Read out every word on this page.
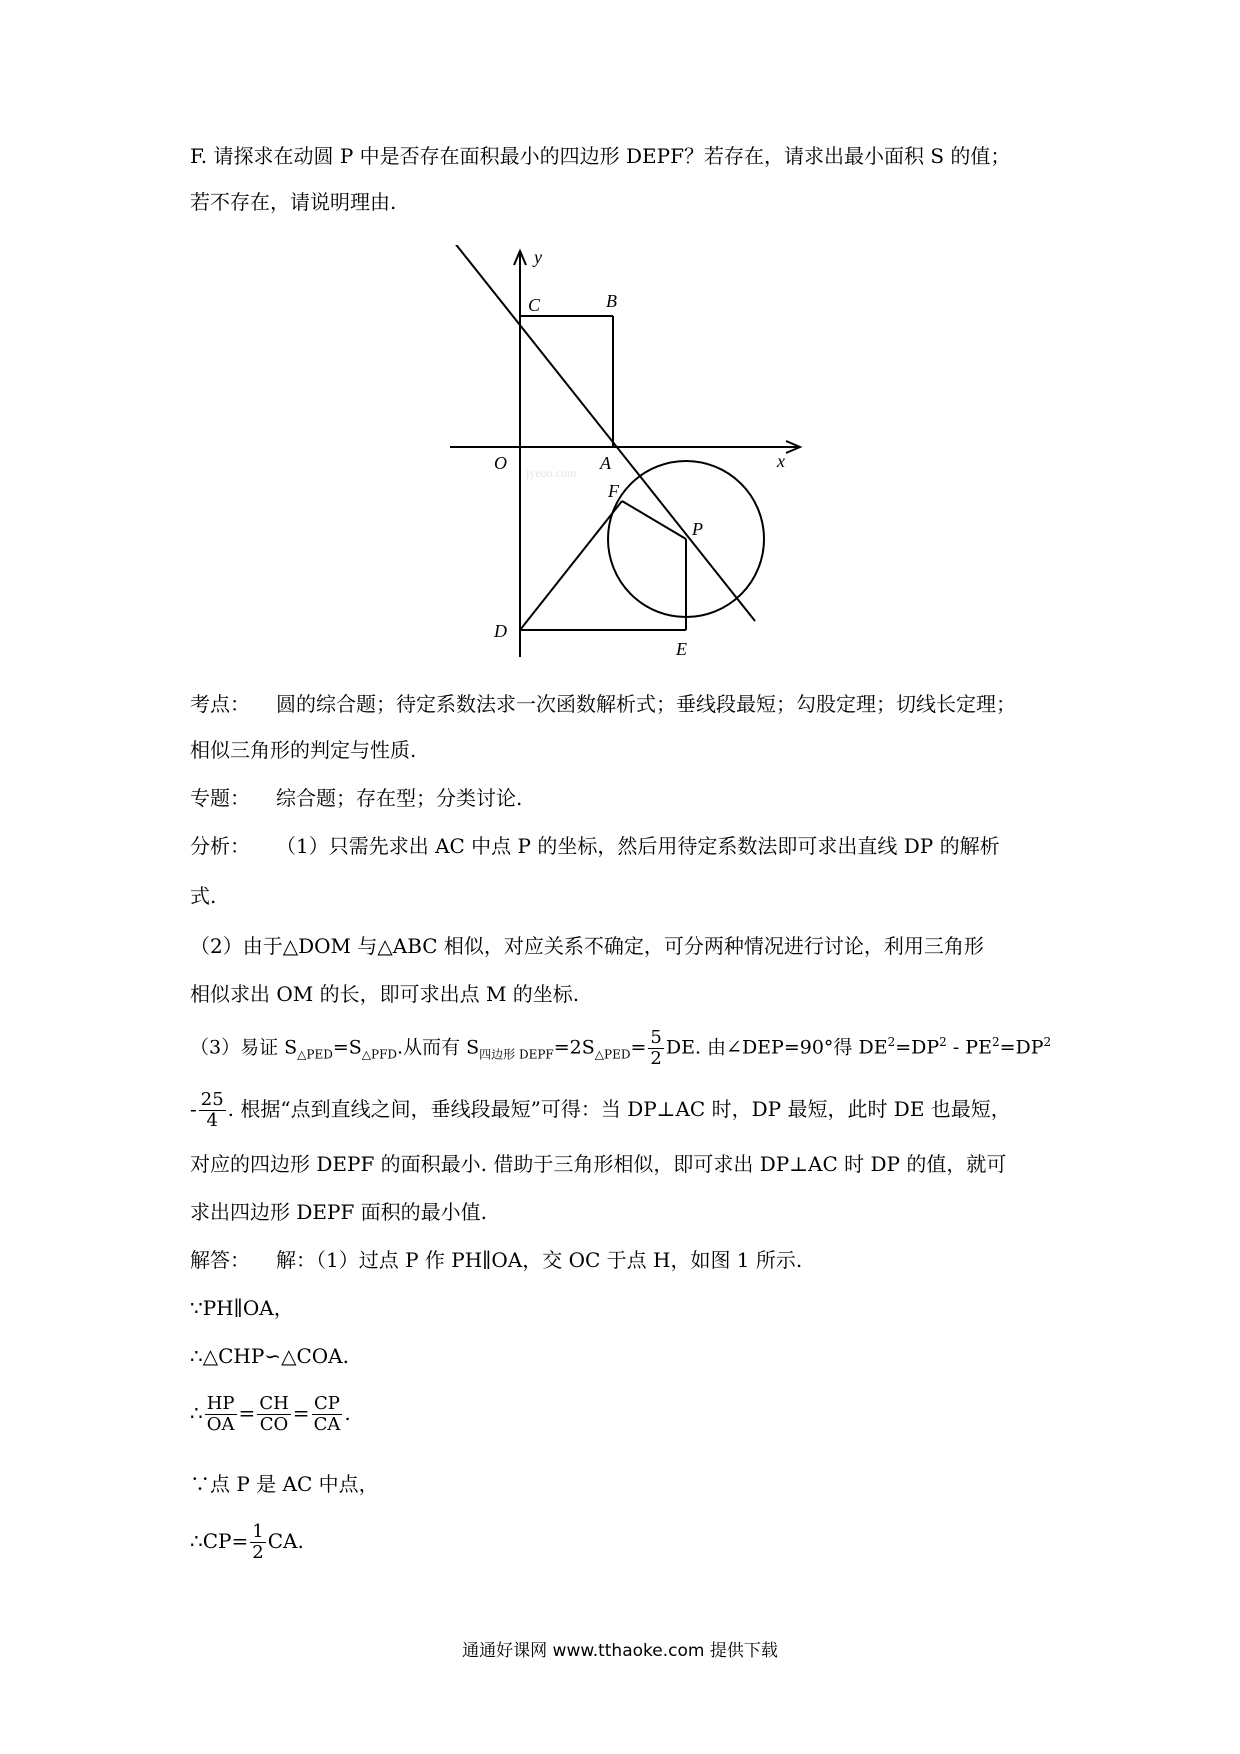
F. 请探求在动圆 P 中是否存在面积最小的四边形 DEPF？若存在，请求出最小面积 S 的值；
若不存在，请说明理由.
y
x
C	B
O	A
F
P
D
E
jyeoo.com
考点： 圆的综合题；待定系数法求一次函数解析式；垂线段最短；勾股定理；切线长定理；
相似三角形的判定与性质.
专题： 综合题；存在型；分类讨论.
分析： （1）只需先求出 AC 中点 P 的坐标，然后用待定系数法即可求出直线 DP 的解析
式.
（2）由于△DOM 与△ABC 相似，对应关系不确定，可分两种情况进行讨论，利用三角形
相似求出 OM 的长，即可求出点 M 的坐标.
（3）易证 $S_{\triangle PED}=S_{\triangle PFD}$.从而有 $S_{四边形 DEPF}=2S_{\triangle PED}= \frac{5}{2}$ DE. 由∠DEP=90°得 $DE^2=DP^2 - PE^2=DP^2$
- $\frac{25}{4}$ . 根据“点到直线之间，垂线段最短”可得：当 DP⊥AC 时，DP 最短，此时 DE 也最短，
对应的四边形 DEPF 的面积最小. 借助于三角形相似，即可求出 DP⊥AC 时 DP 的值，就可
求出四边形 DEPF 面积的最小值.
解答： 解：（1）过点 P 作 PH∥OA，交 OC 于点 H，如图 1 所示.
∵PH∥OA，
∴△CHP∽△COA.
∴ $\frac{HP}{OA} = \frac{CH}{CO} = \frac{CP}{CA}$ .
∵点 P 是 AC 中点，
∴CP= $\frac{1}{2}$ CA.
通通好课网 www.tthaoke.com 提供下载
